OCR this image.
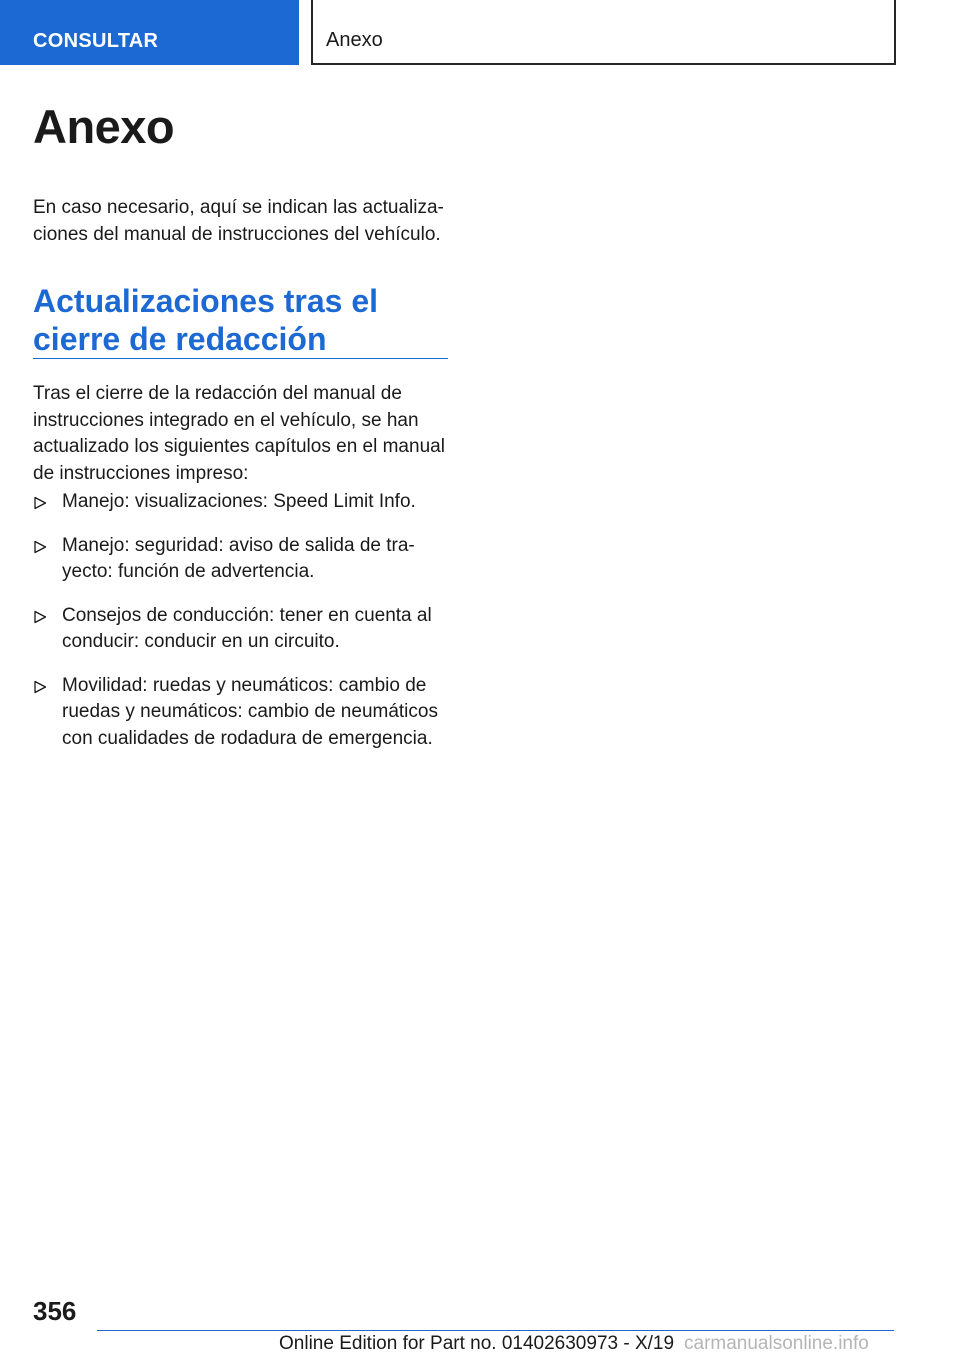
CONSULTAR	Anexo
Anexo

En caso necesario, aquí se indican las actualiza-
ciones del manual de instrucciones del vehículo.

Actualizaciones tras el
cierre de redacción

Tras el cierre de la redacción del manual de
instrucciones integrado en el vehículo, se han
actualizado los siguientes capítulos en el manual
de instrucciones impreso:

Manejo: visualizaciones: Speed Limit Info.
Manejo: seguridad: aviso de salida de tra-
yecto: función de advertencia.
Consejos de conducción: tener en cuenta al
conducir: conducir en un circuito.
Movilidad: ruedas y neumáticos: cambio de
ruedas y neumáticos: cambio de neumáticos
con cualidades de rodadura de emergencia.
356
Online Edition for Part no. 01402630973 - X/19 carmanualsonline.info
